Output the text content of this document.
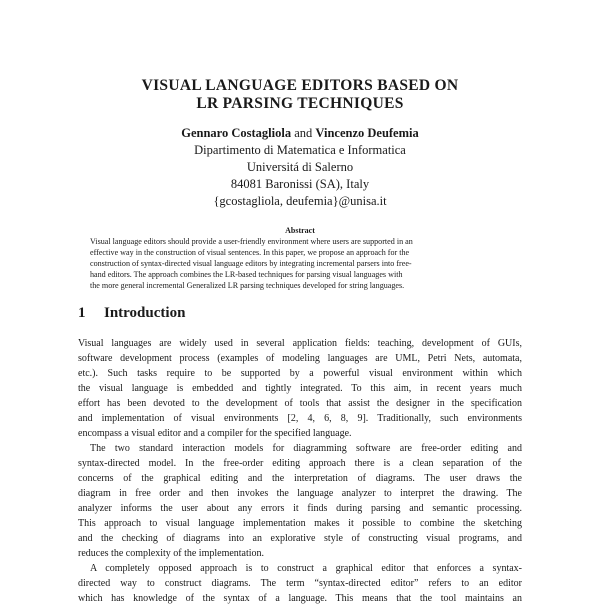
VISUAL LANGUAGE EDITORS BASED ON
LR PARSING TECHNIQUES
Gennaro Costagliola and Vincenzo Deufemia
Dipartimento di Matematica e Informatica
Universitá di Salerno
84081 Baronissi (SA), Italy
{gcostagliola, deufemia}@unisa.it
Abstract
Visual language editors should provide a user-friendly environment where users are supported in an
effective way in the construction of visual sentences. In this paper, we propose an approach for the
construction of syntax-directed visual language editors by integrating incremental parsers into free-
hand editors. The approach combines the LR-based techniques for parsing visual languages with
the more general incremental Generalized LR parsing techniques developed for string languages.
1 Introduction
Visual languages are widely used in several application fields: teaching, development of GUIs,
software development process (examples of modeling languages are UML, Petri Nets, automata,
etc.). Such tasks require to be supported by a powerful visual environment within which
the visual language is embedded and tightly integrated. To this aim, in recent years much
effort has been devoted to the development of tools that assist the designer in the specification
and implementation of visual environments [2, 4, 6, 8, 9]. Traditionally, such environments
encompass a visual editor and a compiler for the specified language.
The two standard interaction models for diagramming software are free-order editing and
syntax-directed model. In the free-order editing approach there is a clean separation of the
concerns of the graphical editing and the interpretation of diagrams. The user draws the
diagram in free order and then invokes the language analyzer to interpret the drawing. The
analyzer informs the user about any errors it finds during parsing and semantic processing.
This approach to visual language implementation makes it possible to combine the sketching
and the checking of diagrams into an explorative style of constructing visual programs, and
reduces the complexity of the implementation.
A completely opposed approach is to construct a graphical editor that enforces a syntax-
directed way to construct diagrams. The term “syntax-directed editor” refers to an editor
which has knowledge of the syntax of a language. This means that the tool maintains an
